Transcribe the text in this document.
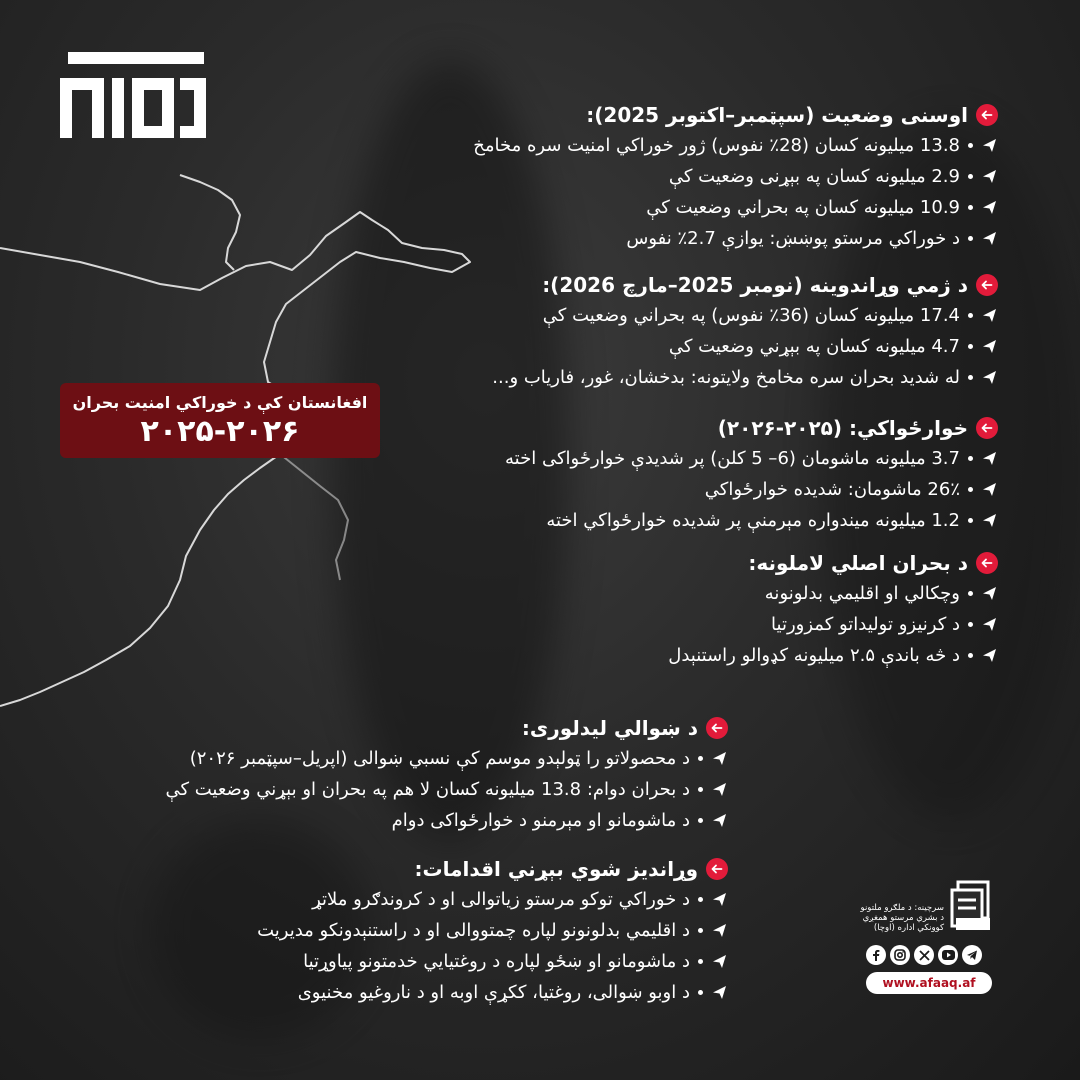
آفاق
افغانستان کې د خوراکي امنیت بحران
۲۰۲۵-۲۰۲۶
اوسنی وضعیت (سپټمبر–اکتوبر 2025):
13.8 میلیونه کسان (28٪ نفوس) ژور خوراکي امنیت سره مخامخ
2.9 میلیونه کسان په بېړنی وضعیت کې
10.9 میلیونه کسان په بحراني وضعیت کې
د خوراکي مرستو پوښښ: یوازې 2.7٪ نفوس
د ژمي وړاندوینه (نومبر 2025–مارچ 2026):
17.4 میلیونه کسان (36٪ نفوس) په بحراني وضعیت کې
4.7 میلیونه کسان په بېړني وضعیت کې
له شدید بحران سره مخامخ ولایتونه: بدخشان، غور، فاریاب و...
خوارځواکي: (۲۰۲۵-۲۰۲۶)
3.7 میلیونه ماشومان (6– 5 کلن) پر شدیدې خوارځواکی اخته
26٪ ماشومان: شدیده خوارځواکي
1.2 میلیونه میندواره مېرمنې پر شدیده خوارځواکي اخته
د بحران اصلي لاملونه:
وچکالي او اقلیمي بدلونونه
د کرنیزو تولیداتو کمزورتیا
د څه باندې ۲.۵ میلیونه کډوالو راستنېدل
د ښوالي لیدلوری:
د محصولاتو را ټولېدو موسم کې نسبي ښوالی (اپریل–سپټمبر ۲۰۲۶)
د بحران دوام: 13.8 میلیونه کسان لا هم په بحران او بېړني وضعیت کې
د ماشومانو او مېرمنو د خوارځواکی دوام
وړاندیز شوي بېړني اقدامات:
د خوراکي توکو مرستو زیاتوالی او د کروندګرو ملاتړ
د اقلیمي بدلونونو لپاره چمتووالی او د راستنېدونکو مدیریت
د ماشومانو او ښځو لپاره د روغتیایي خدمتونو پیاوړتیا
د اوبو ښوالی، روغتیا، ککړې اوبه او د ناروغیو مخنیوی
سرچینه: د ملګرو ملتونو
د بشري مرستو همغږي کوونکي اداره (اوچا)
www.afaaq.af
